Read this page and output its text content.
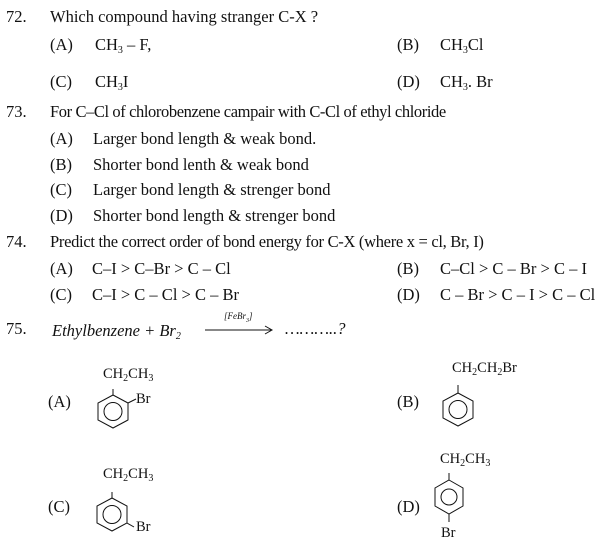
72. Which compound having stranger C-X ?
(A) $CH_3$ – F,	(B) $CH_3Cl$
(C) $CH_3I$	(D) $CH_3$. Br
73. For C–Cl of chlorobenzene campair with C-Cl of ethyl chloride
(A) Larger bond length & weak bond.
(B) Shorter bond lenth & weak bond
(C) Larger bond length & strenger bond
(D) Shorter bond length & strenger bond
74. Predict the correct order of bond energy for C-X (where x = cl, Br, I)
(A) C–I > C–Br > C – Cl	(B) C–Cl > C – Br > C – I
(C) C–I > C – Cl > C – Br	(D) C – Br > C – I > C – Cl
75. Ethylbenzene + $Br_2$
[FeBr$_3$]
………..?
(A)
$CH_2CH_3$
Br	(B)
$CH_2CH_2Br$
(C)
$CH_2CH_3$
Br
(D)
$CH_2CH_3$
Br
